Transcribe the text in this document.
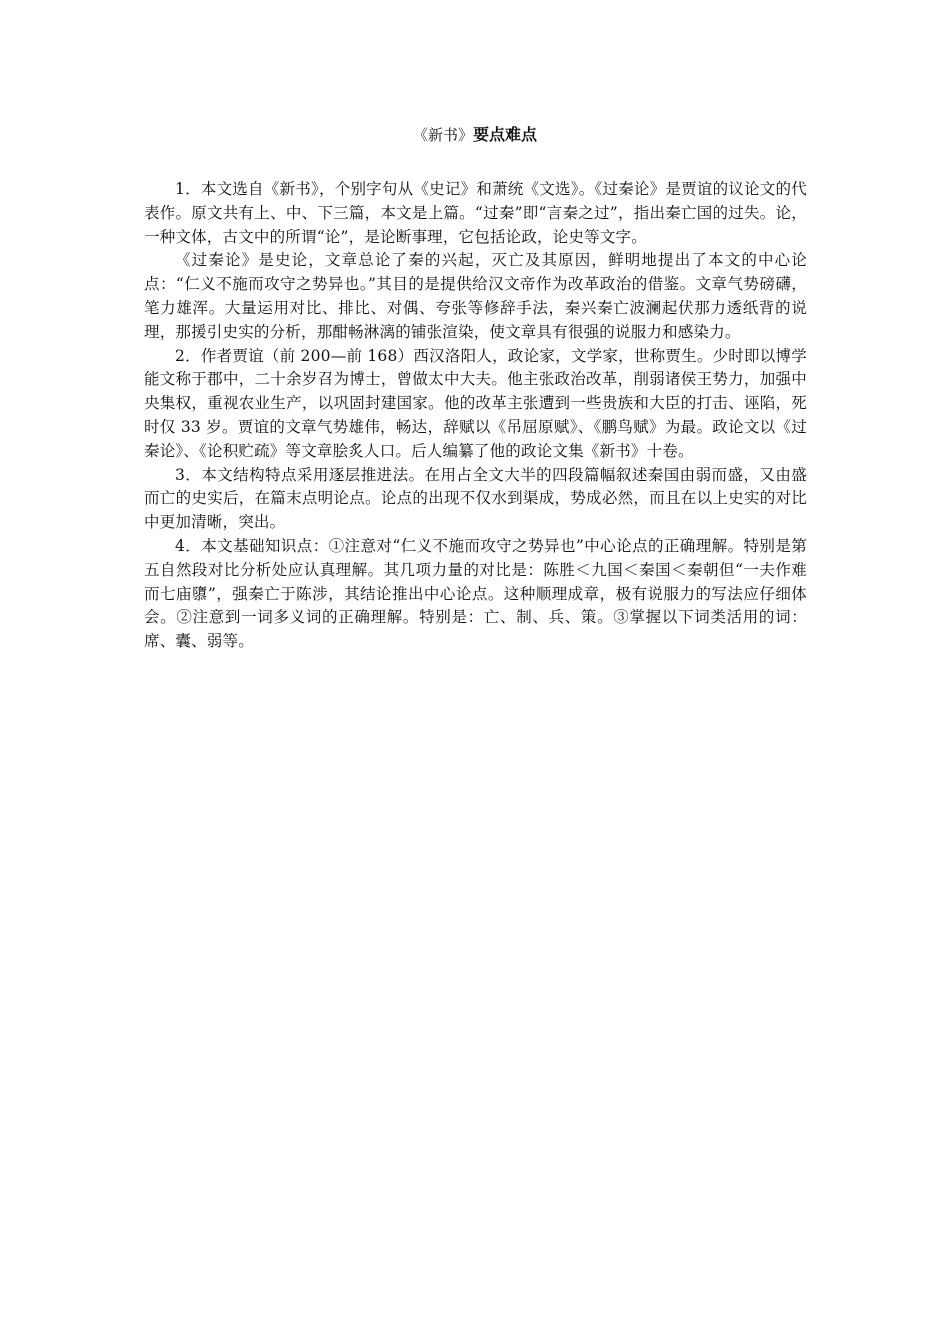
《新书》要点难点

1．本文选自《新书》，个别字句从《史记》和萧统《文选》。《过秦论》是贾谊的议论文的代表作。原文共有上、中、下三篇，本文是上篇。“过秦”即“言秦之过”，指出秦亡国的过失。论，一种文体，古文中的所谓“论”，是论断事理，它包括论政，论史等文字。

《过秦论》是史论，文章总论了秦的兴起，灭亡及其原因，鲜明地提出了本文的中心论点：“仁义不施而攻守之势异也。”其目的是提供给汉文帝作为改革政治的借鉴。文章气势磅礴，笔力雄浑。大量运用对比、排比、对偶、夸张等修辞手法，秦兴秦亡波澜起伏那力透纸背的说理，那援引史实的分析，那酣畅淋漓的铺张渲染，使文章具有很强的说服力和感染力。

2．作者贾谊（前 200—前 168）西汉洛阳人，政论家，文学家，世称贾生。少时即以博学能文称于郡中，二十余岁召为博士，曾做太中大夫。他主张政治改革，削弱诸侯王势力，加强中央集权，重视农业生产，以巩固封建国家。他的改革主张遭到一些贵族和大臣的打击、诬陷，死时仅 33 岁。贾谊的文章气势雄伟，畅达，辞赋以《吊屈原赋》、《鹏鸟赋》为最。政论文以《过秦论》、《论积贮疏》等文章脍炙人口。后人编纂了他的政论文集《新书》十卷。

3．本文结构特点采用逐层推进法。在用占全文大半的四段篇幅叙述秦国由弱而盛，又由盛而亡的史实后，在篇末点明论点。论点的出现不仅水到渠成，势成必然，而且在以上史实的对比中更加清晰，突出。

4．本文基础知识点：①注意对“仁义不施而攻守之势异也”中心论点的正确理解。特别是第五自然段对比分析处应认真理解。其几项力量的对比是：陈胜＜九国＜秦国＜秦朝但“一夫作难而七庙隳”，强秦亡于陈涉，其结论推出中心论点。这种顺理成章，极有说服力的写法应仔细体会。②注意到一词多义词的正确理解。特别是：亡、制、兵、策。③掌握以下词类活用的词：席、囊、弱等。
